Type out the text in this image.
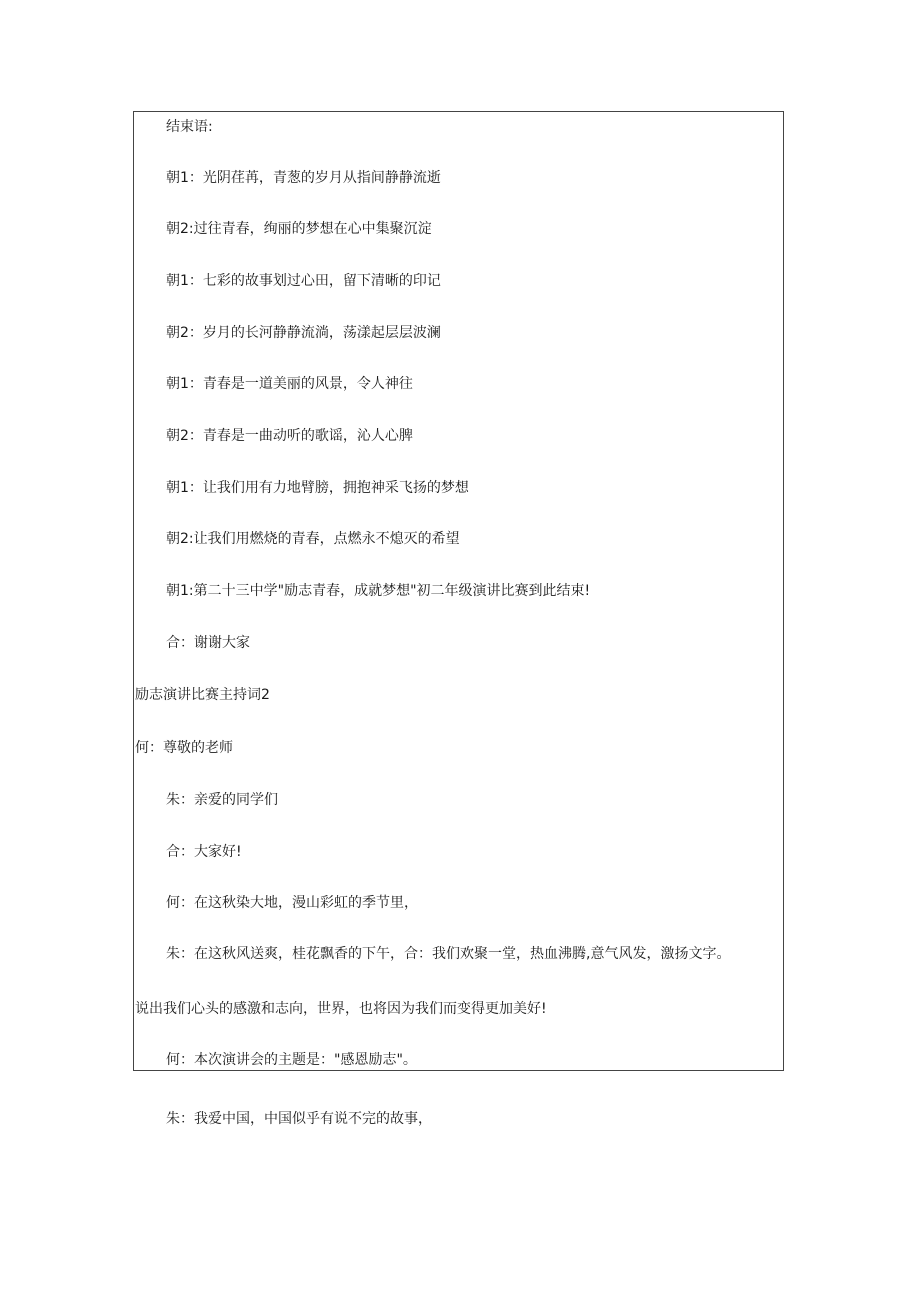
结束语:
朝1：光阴荏苒，青葱的岁月从指间静静流逝
朝2:过往青春，绚丽的梦想在心中集聚沉淀
朝1：七彩的故事划过心田，留下清晰的印记
朝2：岁月的长河静静流淌，荡漾起层层波澜
朝1：青春是一道美丽的风景，令人神往
朝2：青春是一曲动听的歌谣，沁人心脾
朝1：让我们用有力地臂膀，拥抱神采飞扬的梦想
朝2:让我们用燃烧的青春，点燃永不熄灭的希望
朝1:第二十三中学"励志青春，成就梦想"初二年级演讲比赛到此结束!
合：谢谢大家
励志演讲比赛主持词2
何：尊敬的老师
朱：亲爱的同学们
合：大家好!
何：在这秋染大地，漫山彩虹的季节里，
朱：在这秋风送爽，桂花飘香的下午，合：我们欢聚一堂，热血沸腾,意气风发，激扬文字。
说出我们心头的感激和志向，世界，也将因为我们而变得更加美好!
何：本次演讲会的主题是："感恩励志"。
朱：我爱中国，中国似乎有说不完的故事，
